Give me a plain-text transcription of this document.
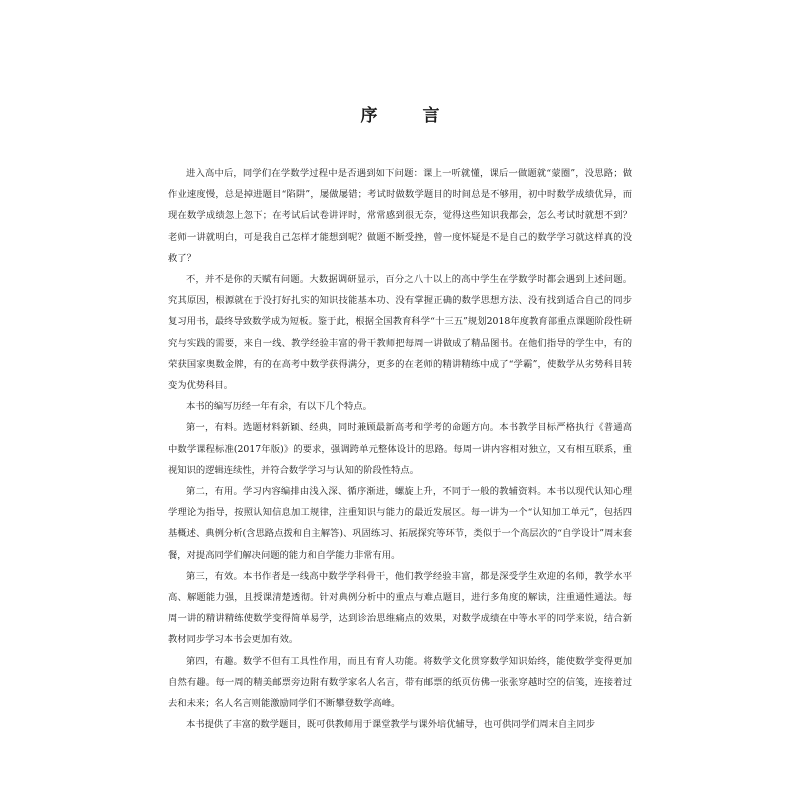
序　言

进入高中后，同学们在学数学过程中是否遇到如下问题：课上一听就懂，课后一做题就“蒙圈”，没思路；做作业速度慢，总是掉进题目“陷阱”，屡做屡错；考试时做数学题目的时间总是不够用，初中时数学成绩优异，而现在数学成绩忽上忽下；在考试后试卷讲评时，常常感到很无奈，觉得这些知识我都会，怎么考试时就想不到？老师一讲就明白，可是我自己怎样才能想到呢？做题不断受挫，曾一度怀疑是不是自己的数学学习就这样真的没救了？

不，并不是你的天赋有问题。大数据调研显示，百分之八十以上的高中学生在学数学时都会遇到上述问题。究其原因，根源就在于没打好扎实的知识技能基本功、没有掌握正确的数学思想方法、没有找到适合自己的同步复习用书，最终导致数学成为短板。鉴于此，根据全国教育科学“十三五”规划2018年度教育部重点课题阶段性研究与实践的需要，来自一线、教学经验丰富的骨干教师把每周一讲做成了精品图书。在他们指导的学生中，有的荣获国家奥数金牌，有的在高考中数学获得满分，更多的在老师的精讲精练中成了“学霸”，使数学从劣势科目转变为优势科目。

本书的编写历经一年有余，有以下几个特点。

第一，有料。选题材料新颖、经典，同时兼顾最新高考和学考的命题方向。本书教学目标严格执行《普通高中数学课程标准(2017年版)》的要求，强调跨单元整体设计的思路。每周一讲内容相对独立，又有相互联系，重视知识的逻辑连续性，并符合数学学习与认知的阶段性特点。

第二，有用。学习内容编排由浅入深、循序渐进，螺旋上升，不同于一般的教辅资料。本书以现代认知心理学理论为指导，按照认知信息加工规律，注重知识与能力的最近发展区。每一讲为一个“认知加工单元”，包括四基概述、典例分析(含思路点拨和自主解答)、巩固练习、拓展探究等环节，类似于一个高层次的“自学设计”周末套餐，对提高同学们解决问题的能力和自学能力非常有用。

第三，有效。本书作者是一线高中数学学科骨干，他们教学经验丰富，都是深受学生欢迎的名师，教学水平高、解题能力强，且授课清楚透彻。针对典例分析中的重点与难点题目，进行多角度的解读，注重通性通法。每周一讲的精讲精练使数学变得简单易学，达到诊治思维痛点的效果，对数学成绩在中等水平的同学来说，结合新教材同步学习本书会更加有效。

第四，有趣。数学不但有工具性作用，而且有育人功能。将数学文化贯穿数学知识始终，能使数学变得更加自然有趣。每一周的精美邮票旁边附有数学家名人名言，带有邮票的纸页仿佛一张张穿越时空的信笺，连接着过去和未来；名人名言则能激励同学们不断攀登数学高峰。

本书提供了丰富的数学题目，既可供教师用于课堂教学与课外培优辅导，也可供同学们周末自主同步
